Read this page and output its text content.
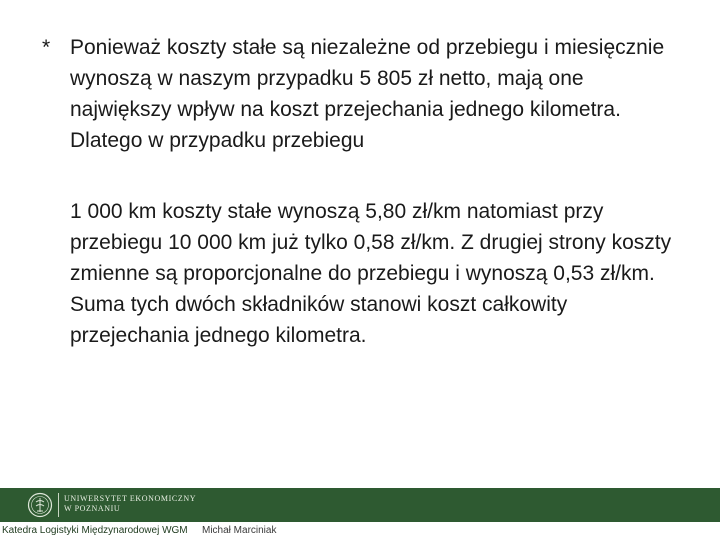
* Ponieważ koszty stałe są niezależne od przebiegu i miesięcznie wynoszą w naszym przypadku 5 805 zł netto, mają one największy wpływ na koszt przejechania jednego kilometra. Dlatego w przypadku przebiegu

1 000 km koszty stałe wynoszą 5,80 zł/km natomiast przy przebiegu 10 000 km już tylko 0,58 zł/km. Z drugiej strony koszty zmienne są proporcjonalne do przebiegu i wynoszą 0,53 zł/km. Suma tych dwóch składników stanowi koszt całkowity przejechania jednego kilometra.

UNIWERSYTET EKONOMICZNY
W POZNANIU
Katedra Logistyki Międzynarodowej WGM Michał Marciniak
